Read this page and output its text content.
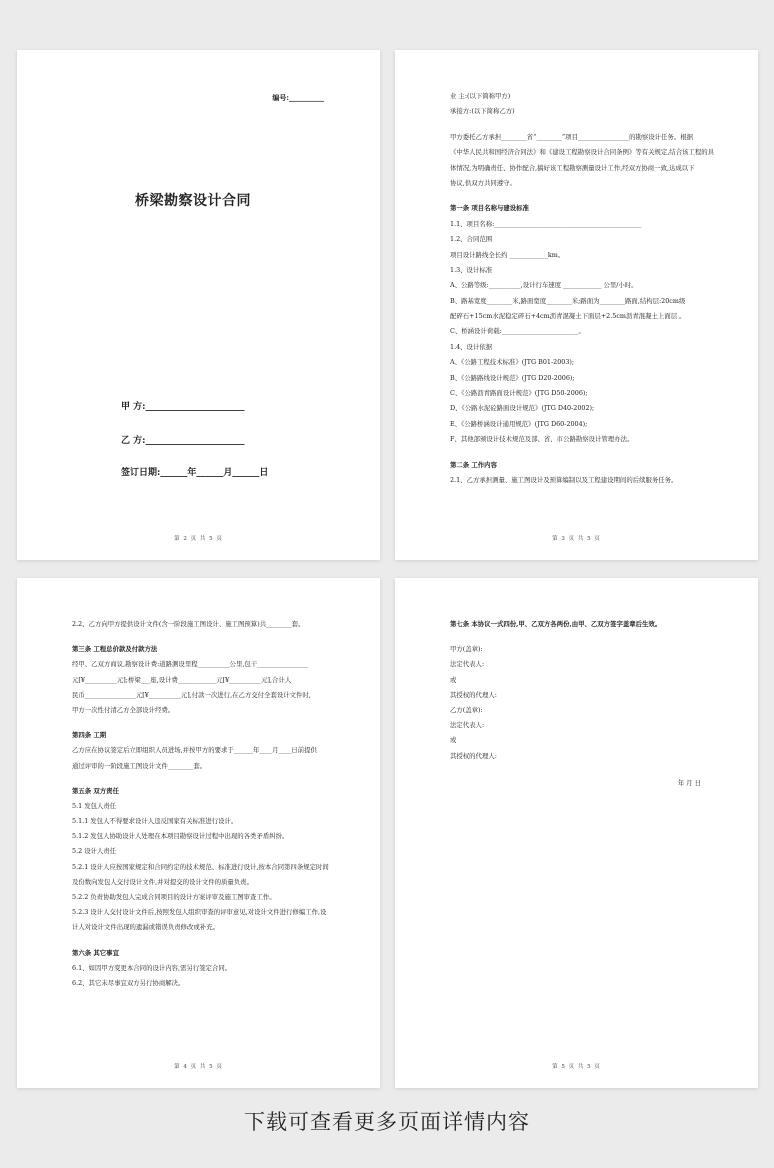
编号:__________
桥梁勘察设计合同
甲 方:______________________
乙 方:______________________
签订日期:______年______月______日
第 2 页 共 5 页

业 主:(以下简称甲方)

承接方:(以下简称乙方)

甲方委托乙方承担________省“________”项目________________的勘察设计任务。根据

《中华人民共和国经济合同法》和《建设工程勘察设计合同条例》等有关规定,结合该工程的具

体情况,为明确责任、协作配合,搞好该工程勘察测量设计工作,经双方协商一致,达成以下

协议,供双方共同遵守。

第一条 项目名称与建设标准

1.1、项目名称:______________________________________________

1.2、合同范围

项目设计路线全长约 ____________km。

1.3、设计标准

A、公路等级:__________,设计行车速度 ____________ 公里/小时。

B、路基宽度________米,路面宽度________米;路面为________路面,结构层:20cm级

配碎石+15cm水泥稳定碎石+4cm沥青混凝土下面层+2.5cm沥青混凝土上面层 。

C、桥涵设计荷载:________________________。

1.4、设计依据

A、《公路工程技术标准》(JTG B01-2003);

B、《公路路线设计规范》(JTG D20-2006);

C、《公路沥青路面设计规范》(JTG D50-2006);

D、《公路水泥砼路面设计规范》(JTG D40-2002);

E、《公路桥涵设计通用规范》(JTG D60-2004);

F、其他部颁设计技术规范及部、省、市公路勘察设计管理办法。

第二条 工作内容

2.1、乙方承担测量、施工图设计及预算编制以及工程建设期间的后续服务任务。

第 3 页 共 5 页

2.2、乙方向甲方提供设计文件(含一阶段施工图设计、施工图预算)共________套。

第三条 工程总价款及付款方法

经甲、乙双方商议,勘察设计费:道路测设里程__________公里,包干________________

元[¥__________元];桥梁___座,设计费____________元[¥__________元],合计人

民币________________元[¥__________元],付款一次进行,在乙方交付全套设计文件时,

甲方一次性付清乙方全部设计经费。

第四条 工期

乙方应在协议签定后立即组织人员进场,并按甲方的要求于______年____月____日前提供

通过评审的一阶段施工图设计文件________套。

第五条 双方责任

5.1 发包人责任

5.1.1 发包人不得要求设计人违反国家有关标准进行设计。

5.1.2 发包人协助设计人处理在本项目勘察设计过程中出现的各类矛盾纠纷。

5.2 设计人责任

5.2.1 设计人应按国家规定和合同约定的技术规范、标准进行设计,按本合同第四条规定时间

及份数向发包人交付设计文件,并对提交的设计文件的质量负责。

5.2.2 负责协助发包人完成合同项目的设计方案评审及施工图审查工作。

5.2.3 设计人交付设计文件后,按照发包人组织审查的评审意见,对设计文件进行修编工作,设

计人对设计文件出现的遗漏或错误负责修改或补充。

第六条 其它事宜

6.1、如因甲方变更本合同的设计内容,需另行签定合同。

6.2、其它未尽事宜双方另行协商解决。

第 4 页 共 5 页

第七条 本协议一式四份,甲、乙双方各两份,由甲、乙双方签字盖章后生效。

甲方(盖章):

法定代表人:

或

其授权的代理人:

乙方(盖章):

法定代表人:

或

其授权的代理人:

年 月 日
第 5 页 共 5 页
下载可查看更多页面详情内容
